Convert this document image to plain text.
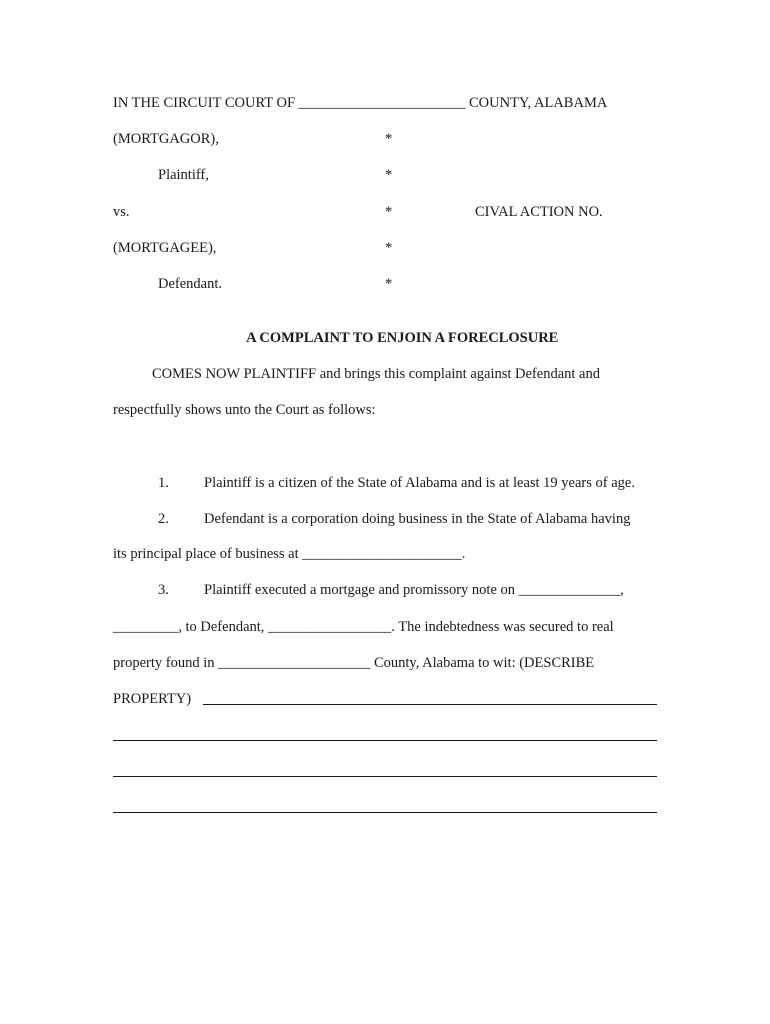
IN THE CIRCUIT COURT OF _______________________ COUNTY, ALABAMA
(MORTGAGOR),	*
Plaintiff,	*
vs.	*	CIVAL ACTION NO.
(MORTGAGEE),	*
Defendant.	*

A COMPLAINT TO ENJOIN A FORECLOSURE

COMES NOW PLAINTIFF and brings this complaint against Defendant and
respectfully shows unto the Court as follows:
1. Plaintiff is a citizen of the State of Alabama and is at least 19 years of age.
2. Defendant is a corporation doing business in the State of Alabama having
its principal place of business at ______________________.
3. Plaintiff executed a mortgage and promissory note on ______________,
_________, to Defendant, _________________. The indebtedness was secured to real
property found in _____________________ County, Alabama to wit: (DESCRIBE
PROPERTY)
